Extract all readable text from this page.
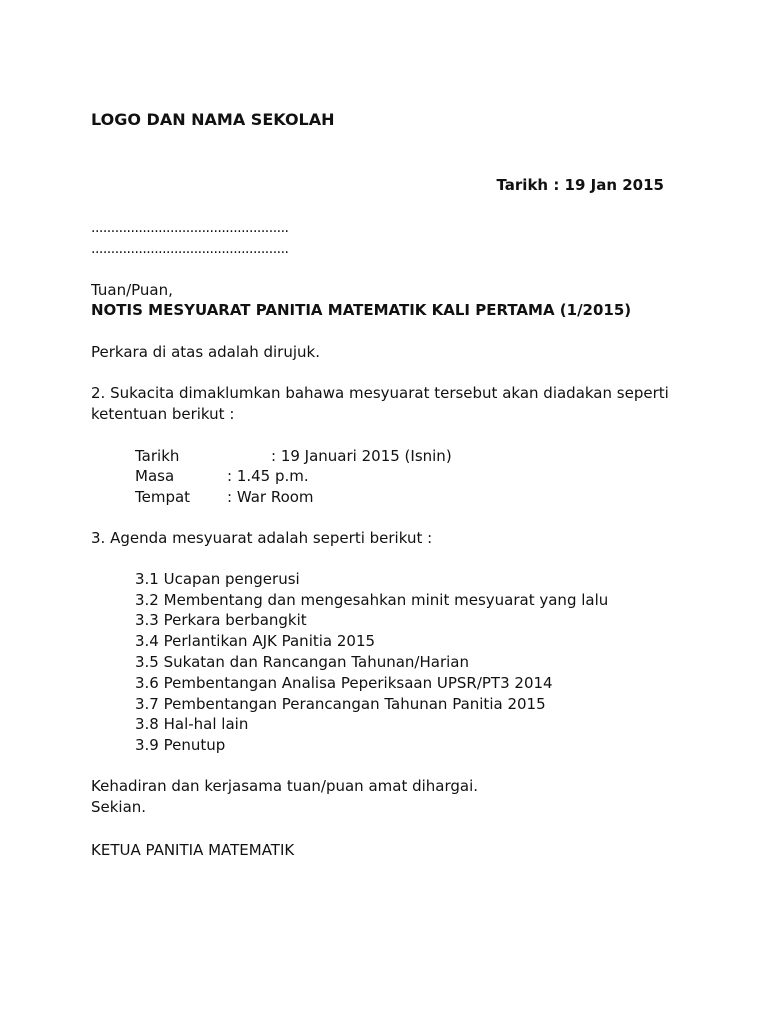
LOGO DAN NAMA SEKOLAH
Tarikh : 19 Jan 2015
..................................................
..................................................
Tuan/Puan,
NOTIS MESYUARAT PANITIA MATEMATIK KALI PERTAMA (1/2015)
Perkara di atas adalah dirujuk.
2. Sukacita dimaklumkan bahawa mesyuarat tersebut akan diadakan seperti
ketentuan berikut :
Tarikh	: 19 Januari 2015 (Isnin)
Masa	: 1.45 p.m.
Tempat : War Room
3. Agenda mesyuarat adalah seperti berikut :
3.1 Ucapan pengerusi
3.2 Membentang dan mengesahkan minit mesyuarat yang lalu
3.3 Perkara berbangkit
3.4 Perlantikan AJK Panitia 2015
3.5 Sukatan dan Rancangan Tahunan/Harian
3.6 Pembentangan Analisa Peperiksaan UPSR/PT3 2014
3.7 Pembentangan Perancangan Tahunan Panitia 2015
3.8 Hal-hal lain
3.9 Penutup
Kehadiran dan kerjasama tuan/puan amat dihargai.
Sekian.
KETUA PANITIA MATEMATIK
